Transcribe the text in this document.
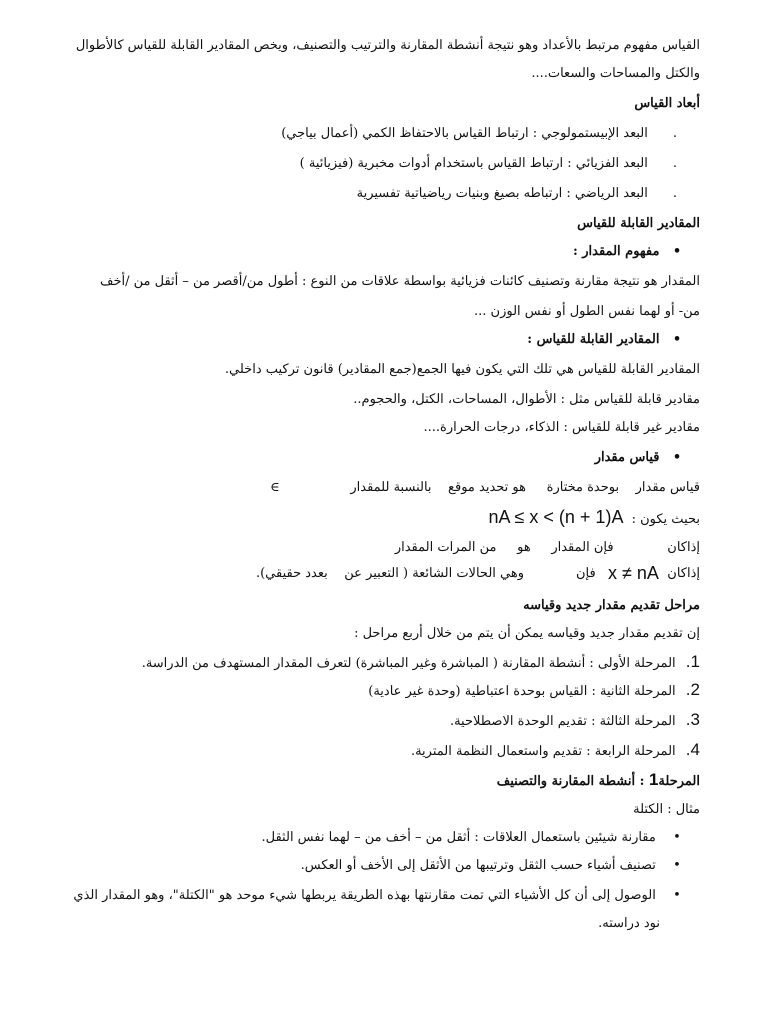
القياس مفهوم مرتبط بالأعداد وهو نتيجة أنشطة المقارنة والترتيب والتصنيف، ويخص المقادير القابلة للقياس كالأطوال
والكتل والمساحات والسعات....
أبعاد القياس
. البعد الإبيستمولوجي : ارتباط القياس بالاحتفاظ الكمي (أعمال بياجي)
. البعد الفزيائي : ارتباط القياس باستخدام أدوات مخبرية (فيزيائية )
. البعد الرياضي : ارتباطه بصيغ وبنيات رياضياتية تفسيرية
المقادير القابلة للقياس
• مفهوم المقدار :
المقدار هو نتيجة مقارنة وتصنيف كائنات فزيائية بواسطة علاقات من النوع : أطول من/أقصر من – أثقل من /أخف
من- أو لهما نفس الطول أو نفس الوزن ...
• المقادير القابلة للقياس :
المقادير القابلة للقياس هي تلك التي يكون فيها الجمع(جمع المقادير) قانون تركيب داخلي.
مقادير قابلة للقياس مثل : الأطوال، المساحات، الكتل، والحجوم..
مقادير غير قابلة للقياس : الذكاء، درجات الحرارة....
• قياس مقدار
قياس مقدار    بوحدة مختارة     هو تحديد موقع    بالنسبة للمقدار
∈
بحيث يكون : nA ≤ x < (n + 1)A
إذاكان             فإن المقدار     هو     من المرات المقدار
إذاكان
x ≠ nA
فإن
وهي الحالات الشائعة ( التعبير عن    بعدد حقيقي).
مراحل تقديم مقدار جديد وقياسه
إن تقديم مقدار جديد وقياسه يمكن أن يتم من خلال أربع مراحل :
1. المرحلة الأولى : أنشطة المقارنة ( المباشرة وغير المباشرة) لتعرف المقدار المستهدف من الدراسة.
2. المرحلة الثانية : القياس بوحدة اعتباطية (وحدة غير عادية)
3. المرحلة الثالثة : تقديم الوحدة الاصطلاحية.
4. المرحلة الرابعة : تقديم واستعمال النظمة المترية.
المرحلة1 : أنشطة المقارنة والتصنيف
مثال : الكتلة
• مقارنة شيئين باستعمال العلاقات : أثقل من – أخف من – لهما نفس الثقل.
• تصنيف أشياء حسب الثقل وترتيبها من الأثقل إلى الأخف أو العكس.
• الوصول إلى أن كل الأشياء التي تمت مقارنتها بهذه الطريقة يربطها شيء موحد هو "الكتلة"، وهو المقدار الذي
نود دراسته.
